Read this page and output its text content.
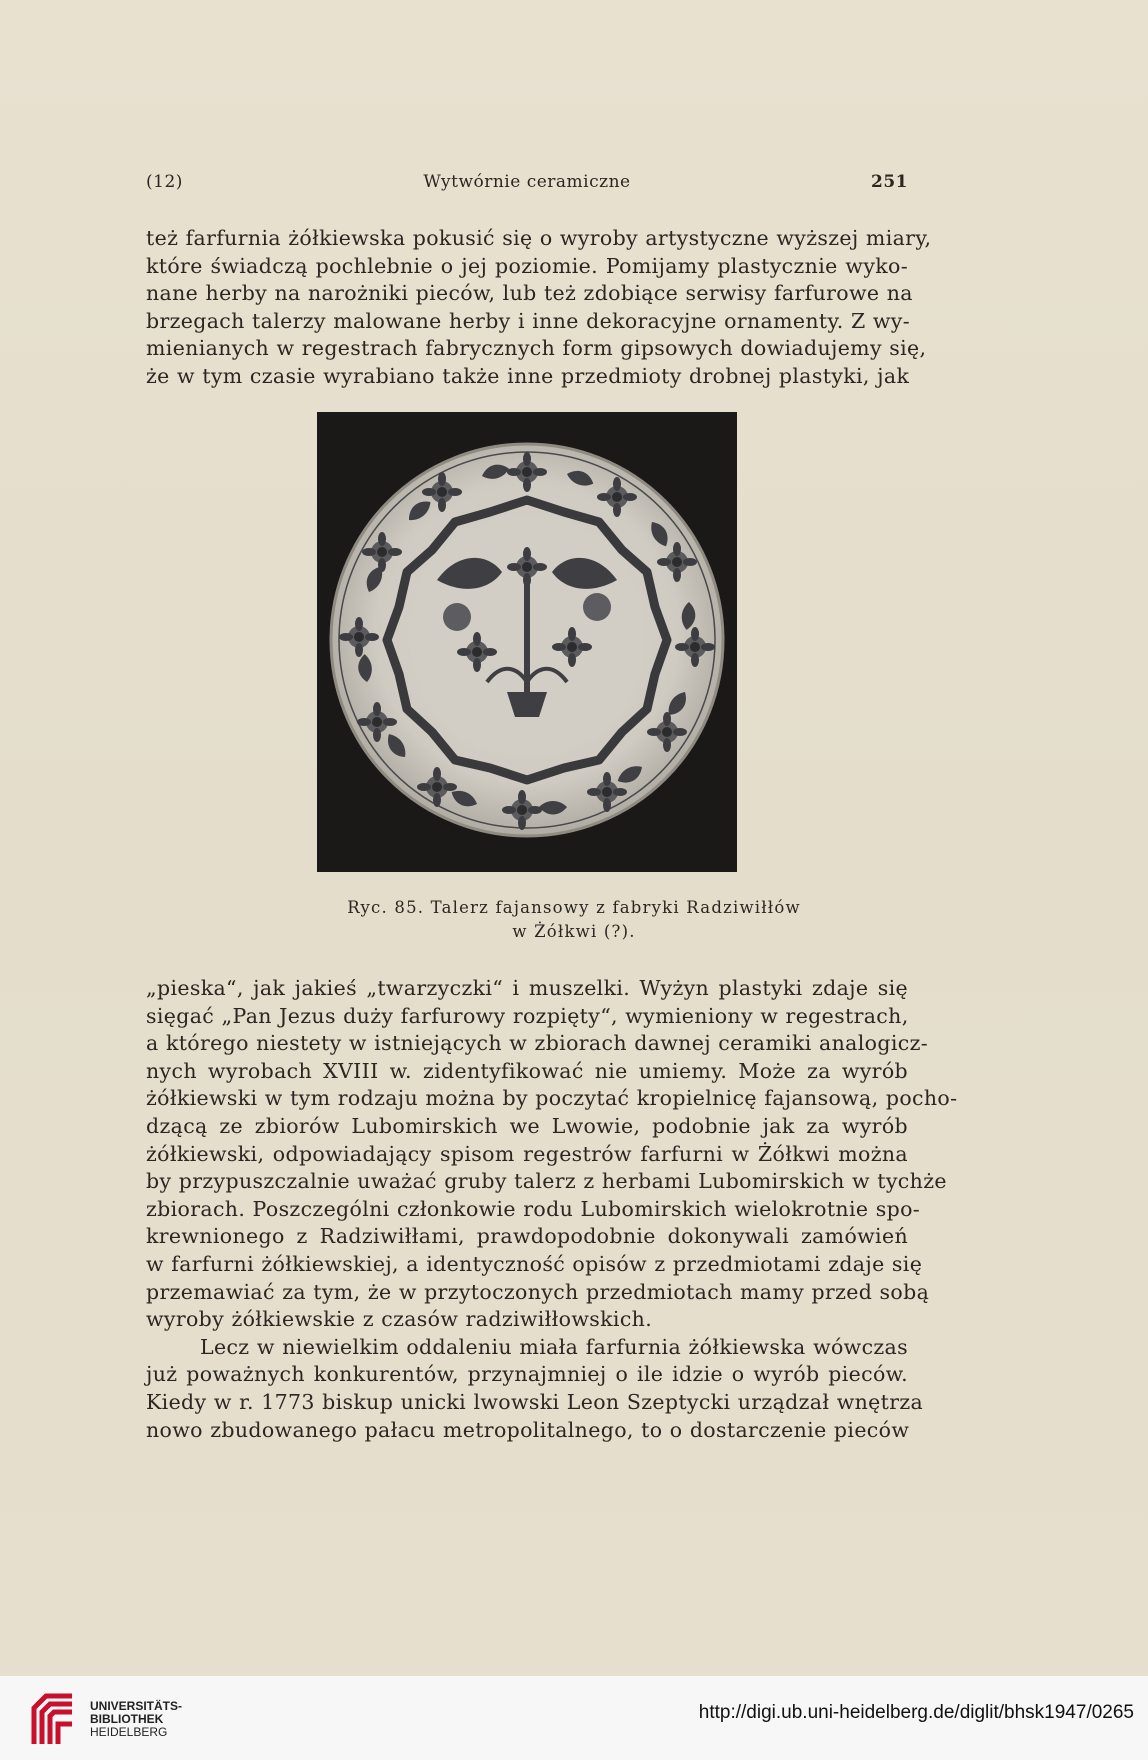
(12)	Wytwórnie ceramiczne	251
też farfurnia żółkiewska pokusić się o wyroby artystyczne wyższej miary,
które świadczą pochlebnie o jej poziomie. Pomijamy plastycznie wyko-
nane herby na narożniki pieców, lub też zdobiące serwisy farfurowe na
brzegach talerzy malowane herby i inne dekoracyjne ornamenty. Z wy-
mienianych w regestrach fabrycznych form gipsowych dowiadujemy się,
że w tym czasie wyrabiano także inne przedmioty drobnej plastyki, jak
Ryc. 85. Talerz fajansowy z fabryki Radziwiłłów
w Żółkwi (?).
„pieska“, jak jakieś „twarzyczki“ i muszelki. Wyżyn plastyki zdaje się
sięgać „Pan Jezus duży farfurowy rozpięty“, wymieniony w regestrach,
a którego niestety w istniejących w zbiorach dawnej ceramiki analogicz-
nych wyrobach XVIII w. zidentyfikować nie umiemy. Może za wyrób
żółkiewski w tym rodzaju można by poczytać kropielnicę fajansową, pocho-
dzącą ze zbiorów Lubomirskich we Lwowie, podobnie jak za wyrób
żółkiewski, odpowiadający spisom regestrów farfurni w Żółkwi można
by przypuszczalnie uważać gruby talerz z herbami Lubomirskich w tychże
zbiorach. Poszczególni członkowie rodu Lubomirskich wielokrotnie spo-
krewnionego z Radziwiłłami, prawdopodobnie dokonywali zamówień
w farfurni żółkiewskiej, a identyczność opisów z przedmiotami zdaje się
przemawiać za tym, że w przytoczonych przedmiotach mamy przed sobą
wyroby żółkiewskie z czasów radziwiłłowskich.
Lecz w niewielkim oddaleniu miała farfurnia żółkiewska wówczas
już poważnych konkurentów, przynajmniej o ile idzie o wyrób pieców.
Kiedy w r. 1773 biskup unicki lwowski Leon Szeptycki urządzał wnętrza
nowo zbudowanego pałacu metropolitalnego, to o dostarczenie pieców
UNIVERSITÄTS-
BIBLIOTHEK
HEIDELBERG
http://digi.ub.uni-heidelberg.de/diglit/bhsk1947/0265
